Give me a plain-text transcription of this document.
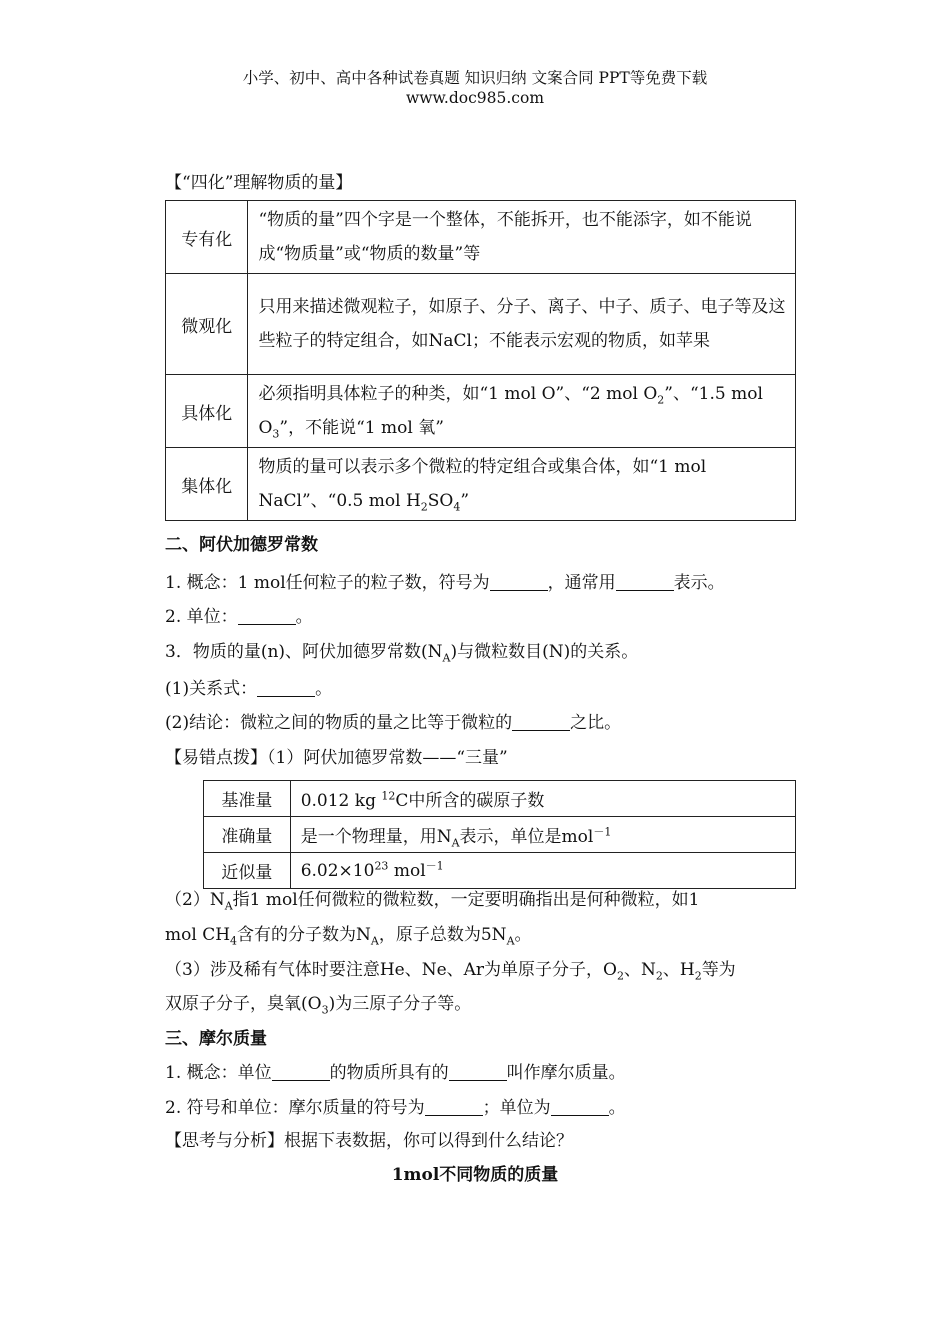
小学、初中、高中各种试卷真题 知识归纳 文案合同 PPT等免费下载
www.doc985.com
【“四化”理解物质的量】
专有化	“物质的量”四个字是一个整体，不能拆开，也不能添字，如不能说成“物质量”或“物质的数量”等
微观化	只用来描述微观粒子，如原子、分子、离子、中子、质子、电子等及这些粒子的特定组合，如NaCl；不能表示宏观的物质，如苹果
具体化	必须指明具体粒子的种类，如“1 mol O”、“2 mol $O_2$”、“1.5 mol $O_3$”，不能说“1 mol 氧”
集体化	物质的量可以表示多个微粒的特定组合或集合体，如“1 mol NaCl”、“0.5 mol $H_2SO_4$”
二、阿伏加德罗常数
1. 概念：1 mol任何粒子的粒子数，符号为	，通常用	表示。
2. 单位：	。
3．物质的量(n)、阿伏加德罗常数$(N_A)$与微粒数目(N)的关系。
(1)关系式：	。
(2)结论：微粒之间的物质的量之比等于微粒的	之比。
【易错点拨】（1）阿伏加德罗常数——“三量”
基准量	0.012 kg $^{12}$C中所含的碳原子数
准确量	是一个物理量，用$N_A$表示，单位是mol$^{-1}$
近似量	$6.02\times 10^{23}$ mol$^{-1}$
$(2)N_A$指1 mol任何微粒的微粒数，一定要明确指出是何种微粒，如1
mol $CH_4$含有的分子数为$N_A$，原子总数为$5N_A$。
（3）涉及稀有气体时要注意He、Ne、Ar为单原子分子，$O_2$、$N_2$、$H_2$等为
双原子分子，臭氧$(O_3)$为三原子分子等。
三、摩尔质量
1. 概念：单位	的物质所具有的	叫作摩尔质量。
2. 符号和单位：摩尔质量的符号为	；单位为	。
【思考与分析】根据下表数据，你可以得到什么结论？
1mol不同物质的质量
